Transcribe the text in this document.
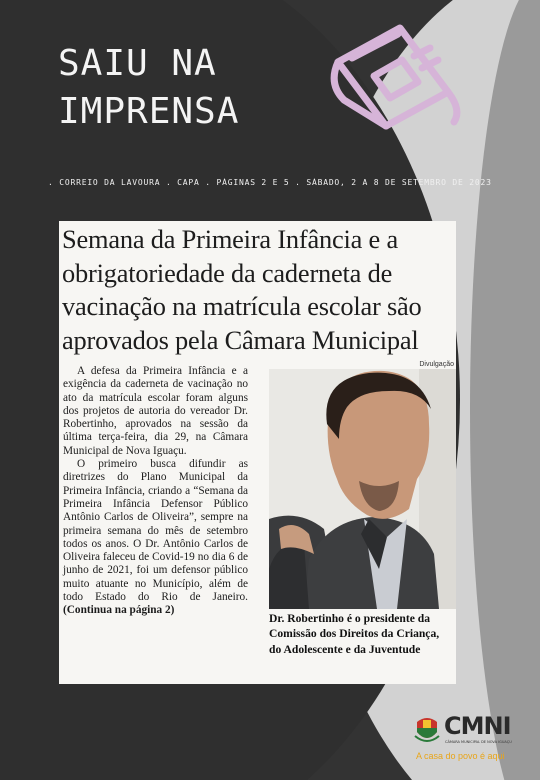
SAIU NA
IMPRENSA
. CORREIO DA LAVOURA . CAPA . PÁGINAS 2 E 5 . SÁBADO, 2 A 8 DE SETEMBRO DE 2023
Semana da Primeira Infância e a obrigatoriedade da caderneta de vacinação na matrícula escolar são aprovados pela Câmara Municipal
Divulgação

A defesa da Primeira Infância e a exigência da caderneta de vacinação no ato da matrícula escolar foram alguns dos projetos de autoria do vereador Dr. Robertinho, aprovados na sessão da última terça-feira, dia 29, na Câmara Municipal de Nova Iguaçu.

O primeiro busca difundir as diretrizes do Plano Municipal da Primeira Infância, criando a “Semana da Primeira Infância Defensor Público Antônio Carlos de Oliveira”, sempre na primeira semana do mês de setembro todos os anos. O Dr. Antônio Carlos de Oliveira faleceu de Covid-19 no dia 6 de junho de 2021, foi um defensor público muito atuante no Município, além de todo Estado do Rio de Janeiro. (Continua na página 2)

Dr. Robertinho é o presidente da Comissão dos Direitos da Criança, do Adolescente e da Juventude
CMNI
CÂMARA MUNICIPAL DE NOVA IGUAÇU
A casa do povo é aqui
